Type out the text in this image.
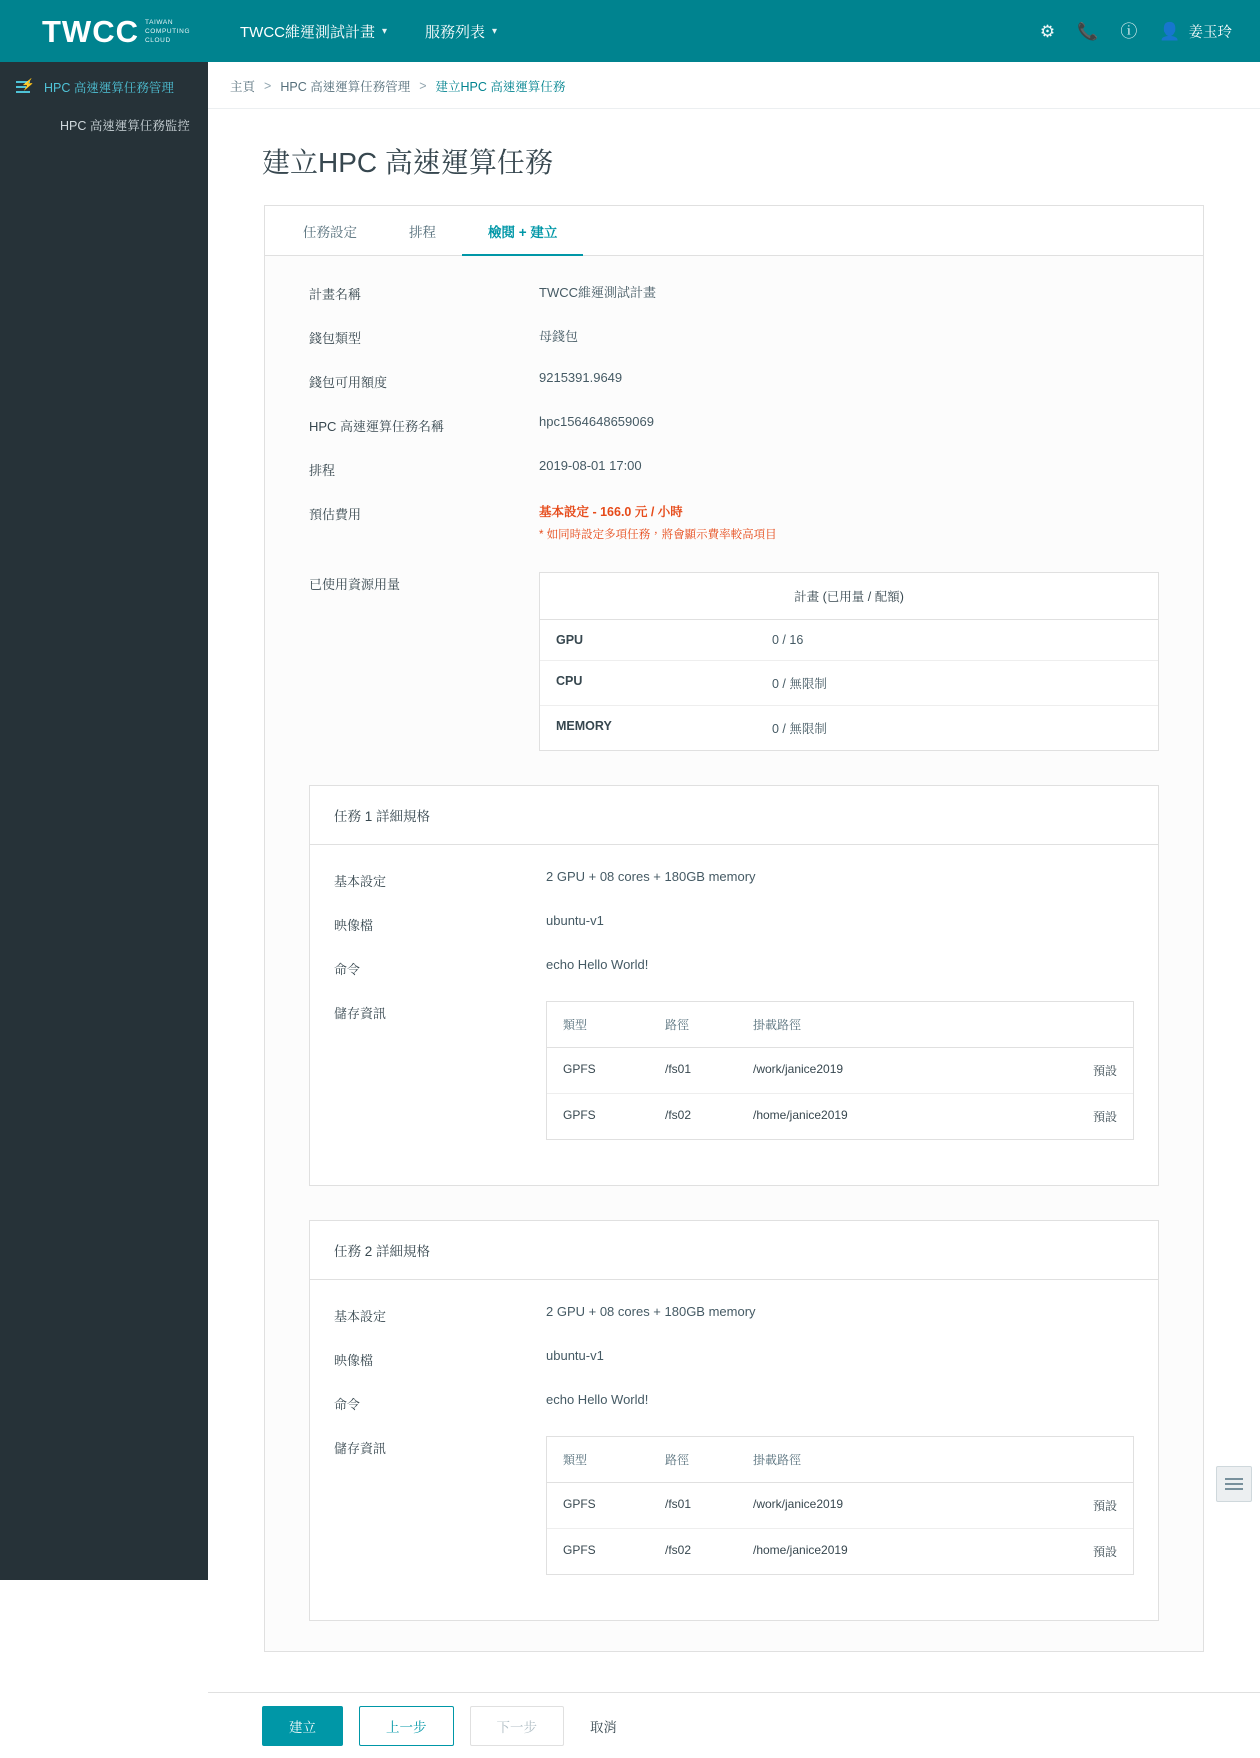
TWCC TAIWAN
COMPUTING
CLOUD	TWCC維運測試計畫 ▾	服務列表 ▾	⚙ 📞 ⓘ 👤 姜玉玲
⚡ HPC 高速運算任務管理
HPC 高速運算任務監控
主頁 > HPC 高速運算任務管理 > 建立HPC 高速運算任務
建立HPC 高速運算任務
任務設定	排程	檢閱 + 建立
計畫名稱	TWCC維運測試計畫
錢包類型	母錢包
錢包可用額度	9215391.9649
HPC 高速運算任務名稱	hpc1564648659069
排程	2019-08-01 17:00
預估費用	基本設定 - 166.0 元 / 小時
* 如同時設定多項任務，將會顯示費率較高項目
已使用資源用量
計畫 (已用量 / 配額)
GPU	0 / 16
CPU	0 / 無限制
MEMORY	0 / 無限制
任務 1 詳細規格
基本設定	2 GPU + 08 cores + 180GB memory
映像檔	ubuntu-v1
命令	echo Hello World!
儲存資訊
類型	路徑	掛載路徑
GPFS	/fs01	/work/janice2019	預設
GPFS	/fs02	/home/janice2019	預設
任務 2 詳細規格
基本設定	2 GPU + 08 cores + 180GB memory
映像檔	ubuntu-v1
命令	echo Hello World!
儲存資訊
類型	路徑	掛載路徑
GPFS	/fs01	/work/janice2019	預設
GPFS	/fs02	/home/janice2019	預設
建立	上一步	下一步	取消
